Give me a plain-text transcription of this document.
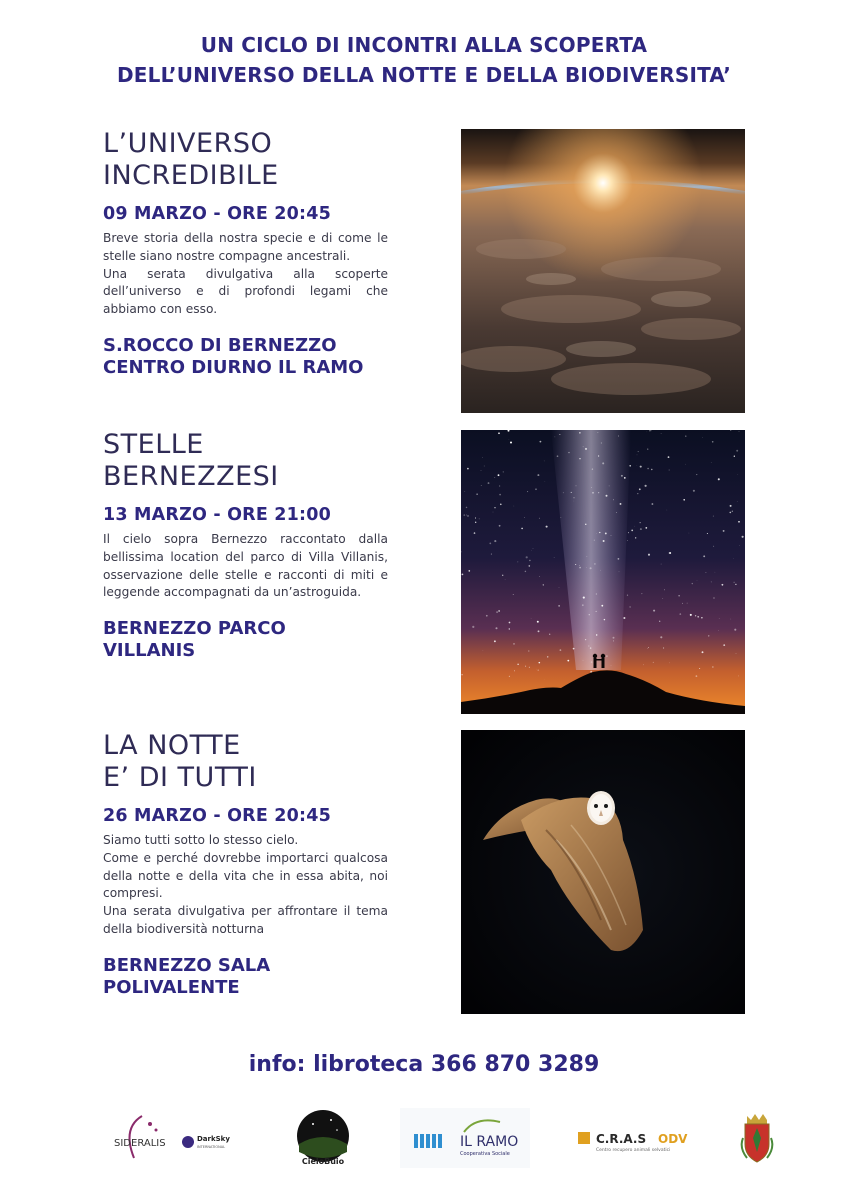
UN CICLO DI INCONTRI ALLA SCOPERTA
DELL’UNIVERSO DELLA NOTTE E DELLA BIODIVERSITA’
L’UNIVERSO
INCREDIBILE
09 MARZO - ORE 20:45
Breve storia della nostra specie e di come le stelle siano nostre compagne ancestrali.
Una serata divulgativa alla scoperte dell’universo e di profondi legami che abbiamo con esso.
S.ROCCO DI BERNEZZO
CENTRO DIURNO IL RAMO
STELLE
BERNEZZESI
13 MARZO - ORE 21:00
Il cielo sopra Bernezzo raccontato dalla bellissima location del parco di Villa Villanis, osservazione delle stelle e racconti di miti e leggende accompagnati da un’astroguida.
BERNEZZO PARCO
VILLANIS
LA NOTTE
E’ DI TUTTI
26 MARZO - ORE 20:45
Siamo tutti sotto lo stesso cielo.
Come e perché dovrebbe importarci qualcosa della notte e della vita che in essa abita, noi compresi.
Una serata divulgativa per affrontare il tema della biodiversità notturna
BERNEZZO SALA
POLIVALENTE
info: libroteca 366 870 3289
SIDERALIS	DarkSky
INTERNATIONAL
CieloBuio
IL RAMO
Cooperativa Sociale
C.R.A.S ODV
Centro recupero animali selvatici
